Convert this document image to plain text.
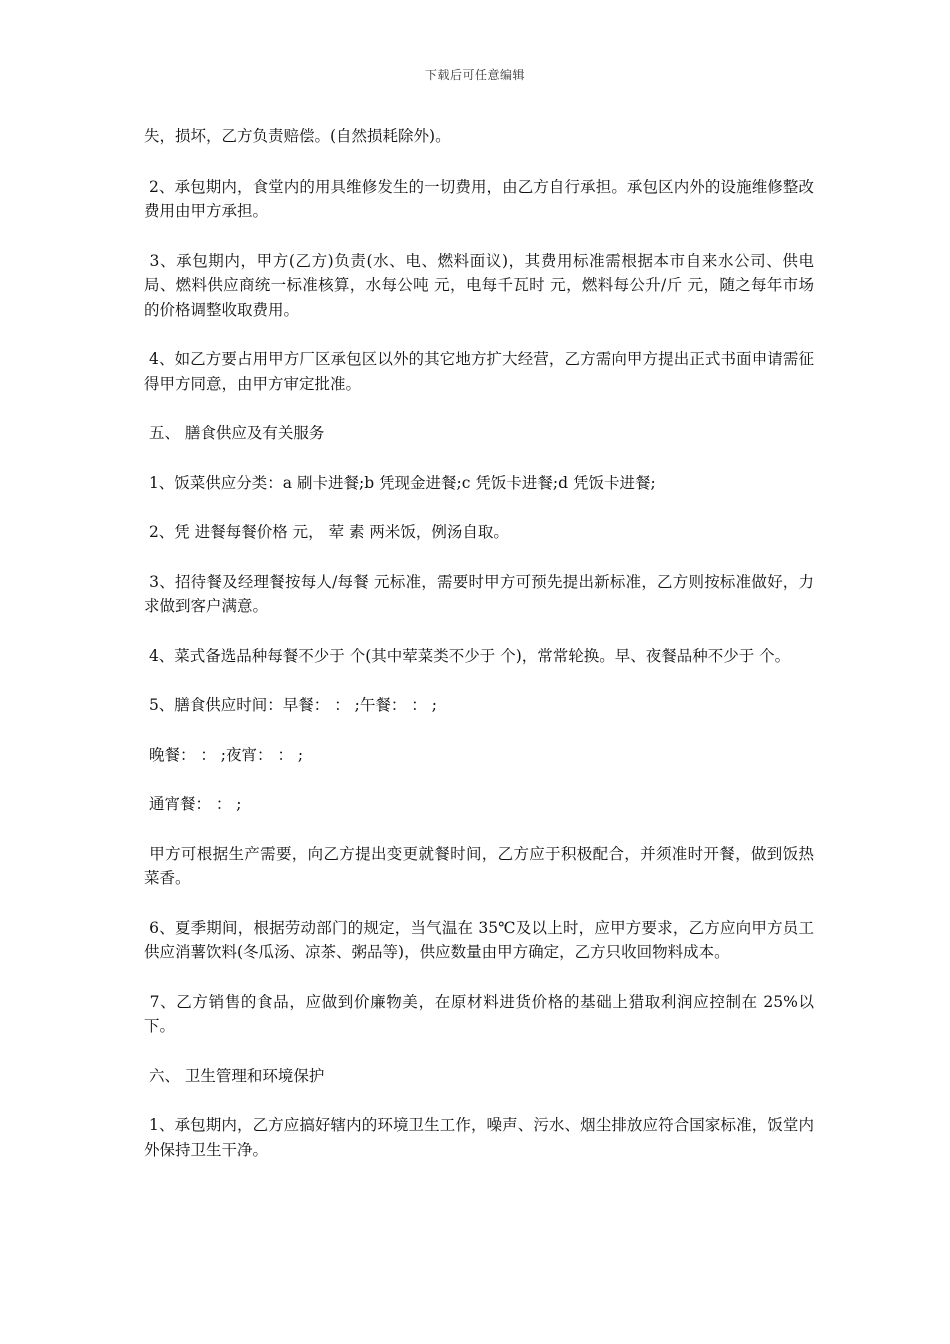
下载后可任意编辑

失，损坏，乙方负责赔偿。(自然损耗除外)。

2、承包期内，食堂内的用具维修发生的一切费用，由乙方自行承担。承包区内外的设施维修整改费用由甲方承担。

3、承包期内，甲方(乙方)负责(水、电、燃料面议)，其费用标准需根据本市自来水公司、供电局、燃料供应商统一标准核算，水每公吨 元，电每千瓦时 元，燃料每公升/斤 元，随之每年市场的价格调整收取费用。

4、如乙方要占用甲方厂区承包区以外的其它地方扩大经营，乙方需向甲方提出正式书面申请需征得甲方同意，由甲方审定批准。

五、 膳食供应及有关服务

1、饭菜供应分类：a 刷卡进餐;b 凭现金进餐;c 凭饭卡进餐;d 凭饭卡进餐;

2、凭 进餐每餐价格 元， 荤 素 两米饭，例汤自取。

3、招待餐及经理餐按每人/每餐 元标准，需要时甲方可预先提出新标准，乙方则按标准做好，力求做到客户满意。

4、菜式备选品种每餐不少于 个(其中荤菜类不少于 个)，常常轮换。早、夜餐品种不少于 个。

5、膳食供应时间：早餐： ： ;午餐： ： ;

晚餐： ： ;夜宵： ： ;

通宵餐： ： ;

甲方可根据生产需要，向乙方提出变更就餐时间，乙方应于积极配合，并须准时开餐，做到饭热菜香。

6、夏季期间，根据劳动部门的规定，当气温在 35℃及以上时，应甲方要求，乙方应向甲方员工供应消薯饮料(冬瓜汤、凉茶、粥品等)，供应数量由甲方确定，乙方只收回物料成本。

7、乙方销售的食品，应做到价廉物美，在原材料进货价格的基础上猎取利润应控制在 25%以下。

六、 卫生管理和环境保护

1、承包期内，乙方应搞好辖内的环境卫生工作，噪声、污水、烟尘排放应符合国家标准，饭堂内外保持卫生干净。
